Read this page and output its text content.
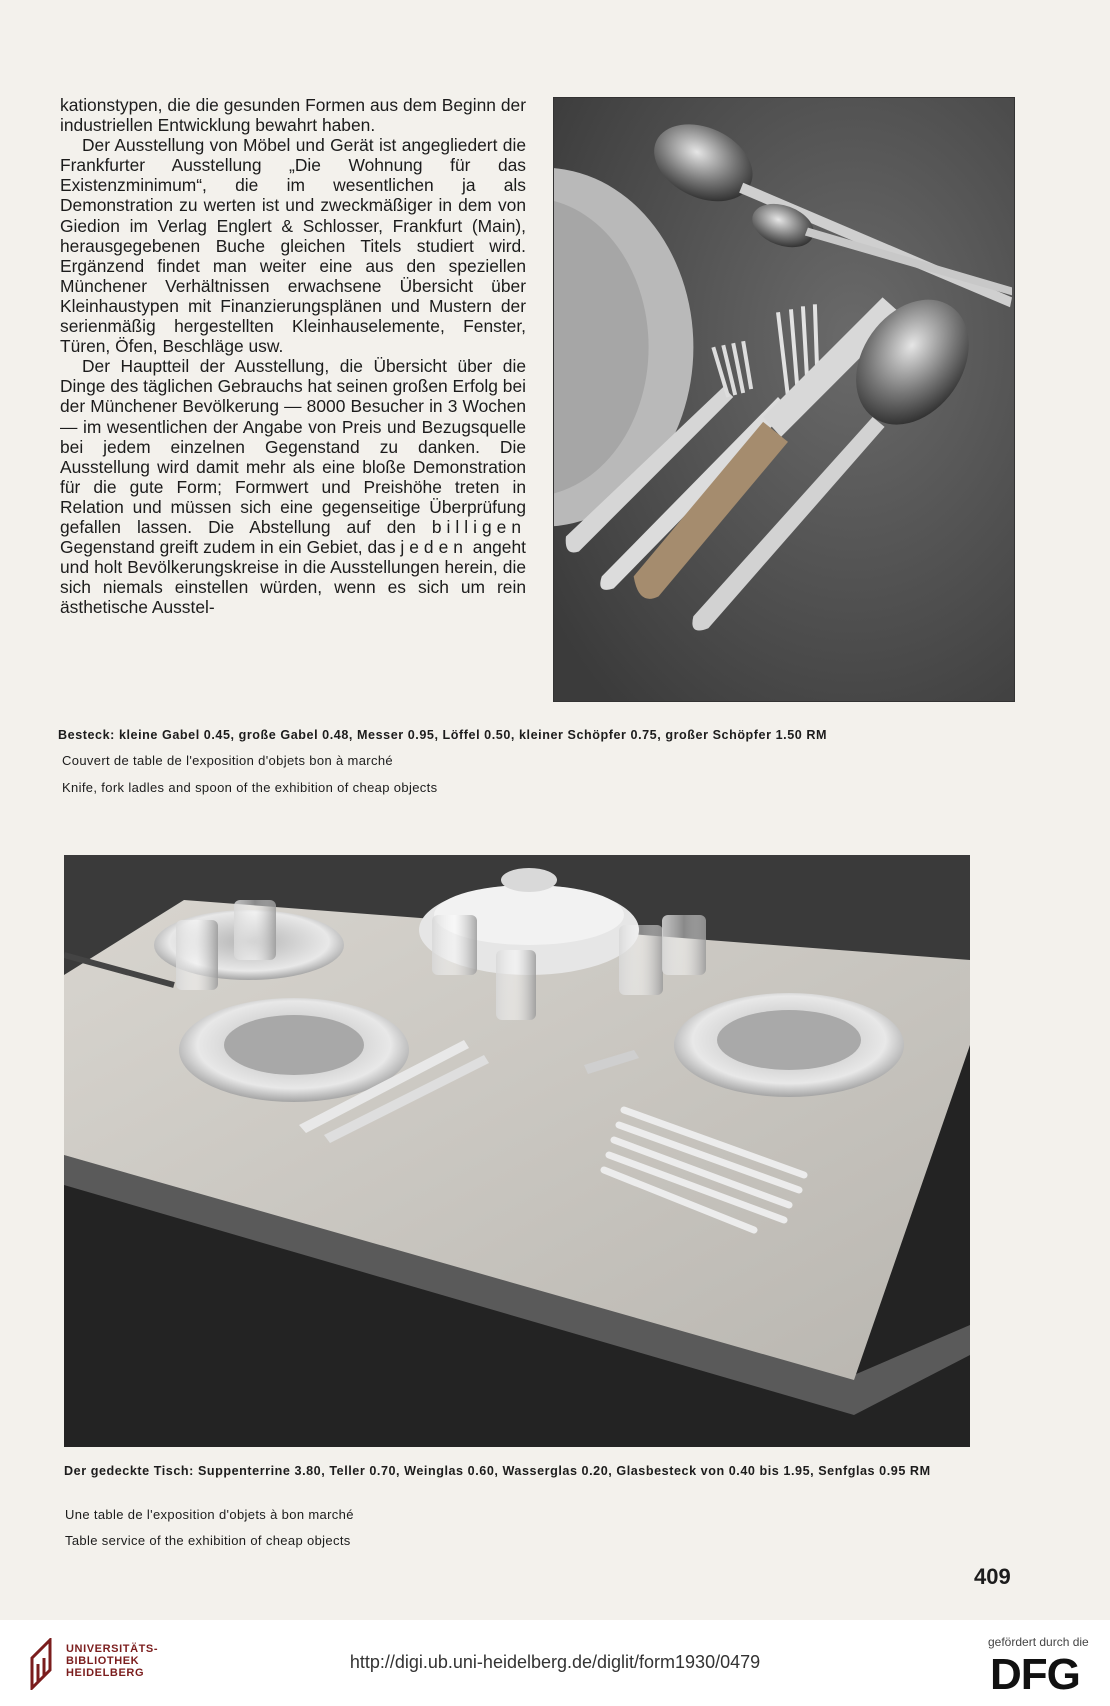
kationstypen, die die gesunden Formen aus dem Beginn der industriellen Entwicklung bewahrt haben.

Der Ausstellung von Möbel und Gerät ist angegliedert die Frankfurter Ausstellung „Die Wohnung für das Existenzminimum“, die im wesentlichen ja als Demonstration zu werten ist und zweckmäßiger in dem von Giedion im Verlag Englert & Schlosser, Frankfurt (Main), herausgegebenen Buche gleichen Titels studiert wird. Ergänzend findet man weiter eine aus den speziellen Münchener Verhältnissen erwachsene Übersicht über Kleinhaustypen mit Finanzierungsplänen und Mustern der serienmäßig hergestellten Kleinhauselemente, Fenster, Türen, Öfen, Beschläge usw.

Der Hauptteil der Ausstellung, die Übersicht über die Dinge des täglichen Gebrauchs hat seinen großen Erfolg bei der Münchener Bevölkerung — 8000 Besucher in 3 Wochen — im wesentlichen der Angabe von Preis und Bezugsquelle bei jedem einzelnen Gegenstand zu danken. Die Ausstellung wird damit mehr als eine bloße Demonstration für die gute Form; Formwert und Preishöhe treten in Relation und müssen sich eine gegenseitige Überprüfung gefallen lassen. Die Abstellung auf den billigen Gegenstand greift zudem in ein Gebiet, das jeden angeht und holt Bevölkerungskreise in die Ausstellungen herein, die sich niemals einstellen würden, wenn es sich um rein ästhetische Ausstel-

Besteck: kleine Gabel 0.45, große Gabel 0.48, Messer 0.95, Löffel 0.50, kleiner Schöpfer 0.75, großer Schöpfer 1.50 RM
Couvert de table de l'exposition d'objets bon à marché
Knife, fork ladles and spoon of the exhibition of cheap objects
Der gedeckte Tisch: Suppenterrine 3.80, Teller 0.70, Weinglas 0.60, Wasserglas 0.20, Glasbesteck von 0.40 bis 1.95, Senfglas 0.95 RM
Une table de l'exposition d'objets à bon marché
Table service of the exhibition of cheap objects
409
UNIVERSITÄTS-
BIBLIOTHEK
HEIDELBERG
http://digi.ub.uni-heidelberg.de/diglit/form1930/0479
gefördert durch die
DFG
